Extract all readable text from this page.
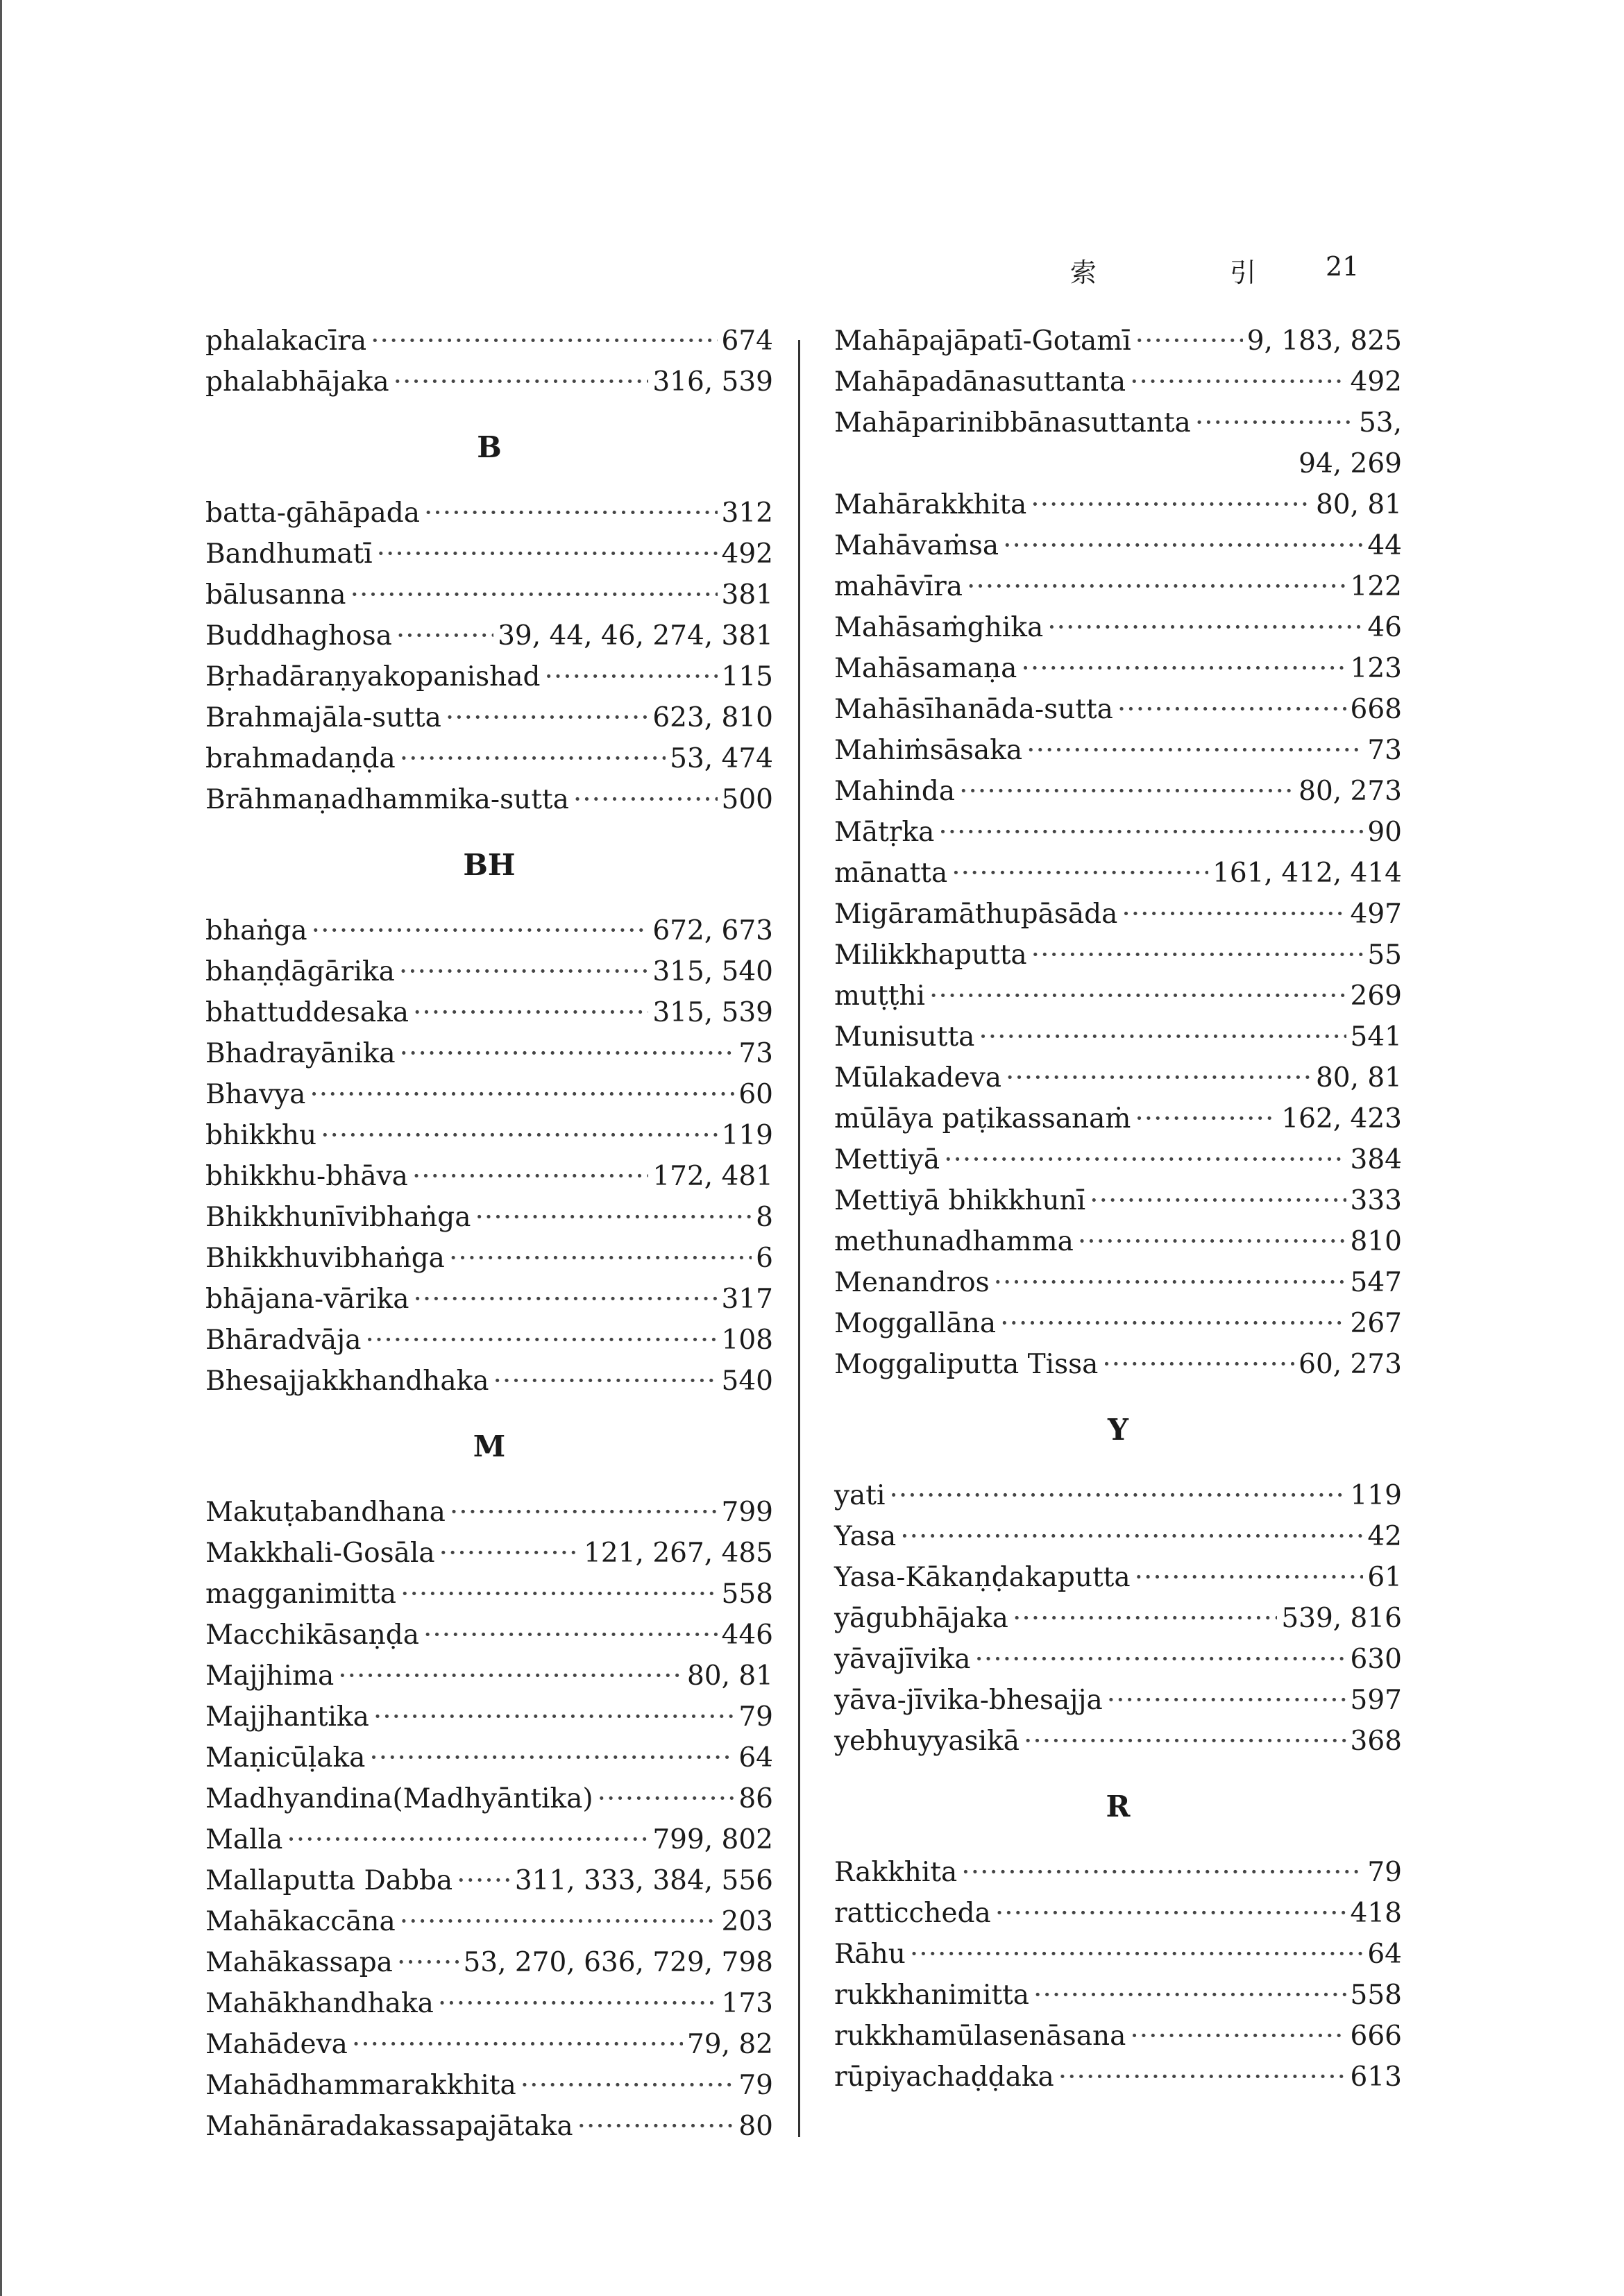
索	引	21
phalakacīra ·····	674
phalabhājaka ·····	316, 539
B
batta-gāhāpada ·····	312
Bandhumatī ·····	492
bālusanna ·····	381
Buddhaghosa ·····	39, 44, 46, 274, 381
Bṛhadāraṇyakopanishad ·····	115
Brahmajāla-sutta ·····	623, 810
brahmadaṇḍa ·····	53, 474
Brāhmaṇadhammika-sutta ·····	500
BH
bhaṅga ·····	672, 673
bhaṇḍāgārika ·····	315, 540
bhattuddesaka ·····	315, 539
Bhadrayānika ·····	73
Bhavya ·····	60
bhikkhu ·····	119
bhikkhu-bhāva ·····	172, 481
Bhikkhunīvibhaṅga ·····	8
Bhikkhuvibhaṅga ·····	6
bhājana-vārika ·····	317
Bhāradvāja ·····	108
Bhesajjakkhandhaka ·····	540
M
Makuṭabandhana ·····	799
Makkhali-Gosāla ·····	121, 267, 485
magganimitta ·····	558
Macchikāsaṇḍa ·····	446
Majjhima ·····	80, 81
Majjhantika ·····	79
Maṇicūḷaka ·····	64
Madhyandina(Madhyāntika) ·····	86
Malla ·····	799, 802
Mallaputta Dabba ····· 311, 333, 384, 556
Mahākaccāna ·····	203
Mahākassapa ·····	53, 270, 636, 729, 798
Mahākhandhaka ·····	173
Mahādeva ·····	79, 82
Mahādhammarakkhita ·····	79
Mahānāradakassapajātaka ·····	80
Mahāpajāpatī-Gotamī ·····	9, 183, 825
Mahāpadānasuttanta ·····	492
Mahāparinibbānasuttanta ·····	53,
94, 269
Mahārakkhita ·····	80, 81
Mahāvaṁsa ·····	44
mahāvīra ·····	122
Mahāsaṁghika ·····	46
Mahāsamaṇa ·····	123
Mahāsīhanāda-sutta ·····	668
Mahiṁsāsaka ·····	73
Mahinda ·····	80, 273
Mātṛka ·····	90
mānatta ·····	161, 412, 414
Migāramāthupāsāda ·····	497
Milikkhaputta ·····	55
muṭṭhi ·····	269
Munisutta ·····	541
Mūlakadeva ·····	80, 81
mūlāya paṭikassanaṁ ·····	162, 423
Mettiyā ·····	384
Mettiyā bhikkhunī ·····	333
methunadhamma ·····	810
Menandros ·····	547
Moggallāna ·····	267
Moggaliputta Tissa ·····	60, 273
Y
yati ·····	119
Yasa ·····	42
Yasa-Kākaṇḍakaputta ·····	61
yāgubhājaka ·····	539, 816
yāvajīvika ·····	630
yāva-jīvika-bhesajja ·····	597
yebhuyyasikā ·····	368
R
Rakkhita ·····	79
ratticcheda ·····	418
Rāhu ·····	64
rukkhanimitta ·····	558
rukkhamūlasenāsana ·····	666
rūpiyachaḍḍaka ·····	613
